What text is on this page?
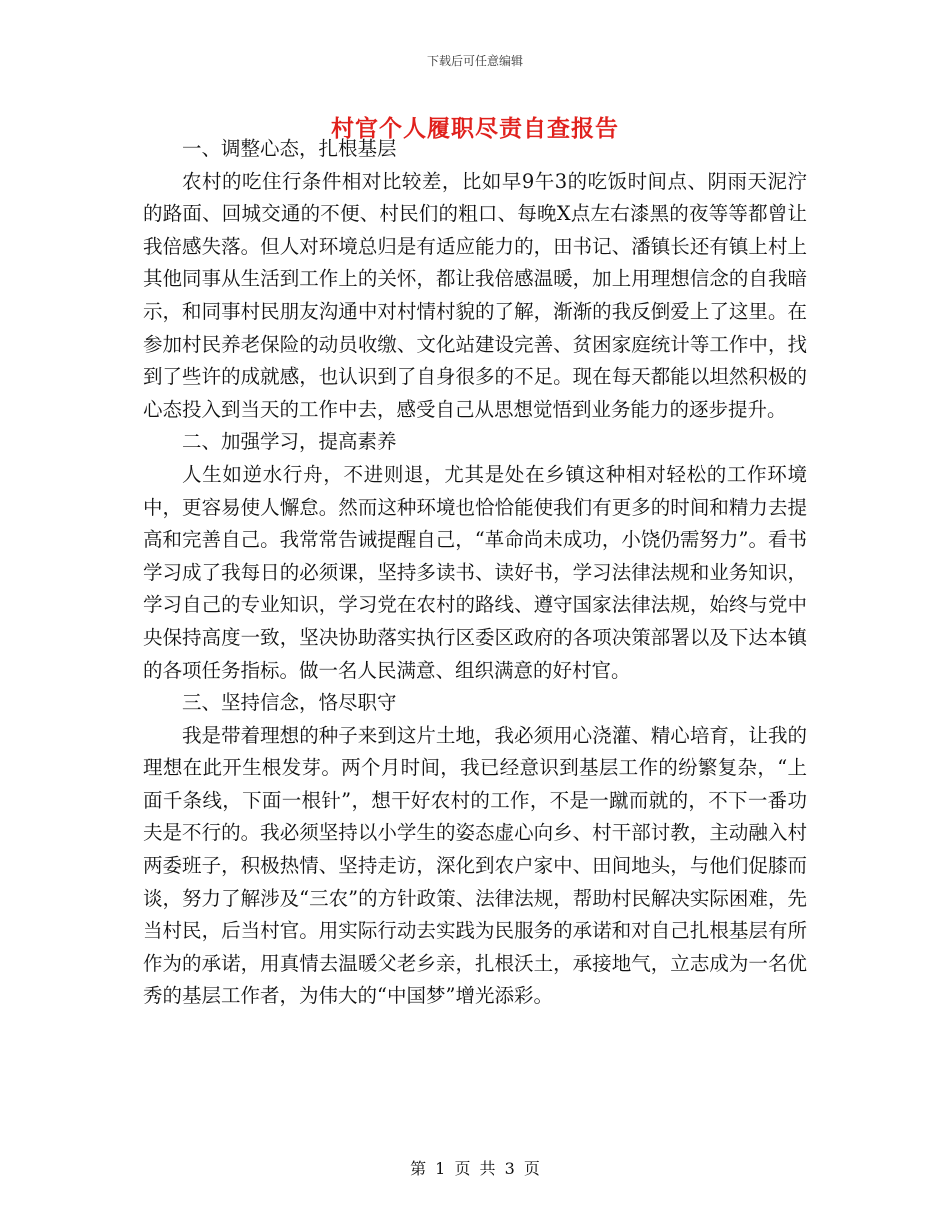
下载后可任意编辑
村官个人履职尽责自查报告

一、调整心态，扎根基层

农村的吃住行条件相对比较差，比如早9午3的吃饭时间点、阴雨天泥泞的路面、回城交通的不便、村民们的粗口、每晚X点左右漆黑的夜等等都曾让我倍感失落。但人对环境总归是有适应能力的，田书记、潘镇长还有镇上村上其他同事从生活到工作上的关怀，都让我倍感温暖，加上用理想信念的自我暗示，和同事村民朋友沟通中对村情村貌的了解，渐渐的我反倒爱上了这里。在参加村民养老保险的动员收缴、文化站建设完善、贫困家庭统计等工作中，找到了些许的成就感，也认识到了自身很多的不足。现在每天都能以坦然积极的心态投入到当天的工作中去，感受自己从思想觉悟到业务能力的逐步提升。

二、加强学习，提高素养

人生如逆水行舟，不进则退，尤其是处在乡镇这种相对轻松的工作环境中，更容易使人懈怠。然而这种环境也恰恰能使我们有更多的时间和精力去提高和完善自己。我常常告诫提醒自己，“革命尚未成功，小饶仍需努力”。看书学习成了我每日的必须课，坚持多读书、读好书，学习法律法规和业务知识，学习自己的专业知识，学习党在农村的路线、遵守国家法律法规，始终与党中央保持高度一致，坚决协助落实执行区委区政府的各项决策部署以及下达本镇的各项任务指标。做一名人民满意、组织满意的好村官。

三、坚持信念，恪尽职守

我是带着理想的种子来到这片土地，我必须用心浇灌、精心培育，让我的理想在此开生根发芽。两个月时间，我已经意识到基层工作的纷繁复杂，“上面千条线，下面一根针”，想干好农村的工作，不是一蹴而就的，不下一番功夫是不行的。我必须坚持以小学生的姿态虚心向乡、村干部讨教，主动融入村两委班子，积极热情、坚持走访，深化到农户家中、田间地头，与他们促膝而谈，努力了解涉及“三农”的方针政策、法律法规，帮助村民解决实际困难，先当村民，后当村官。用实际行动去实践为民服务的承诺和对自己扎根基层有所作为的承诺，用真情去温暖父老乡亲，扎根沃土，承接地气，立志成为一名优秀的基层工作者，为伟大的“中国梦”增光添彩。

第 1 页 共 3 页
